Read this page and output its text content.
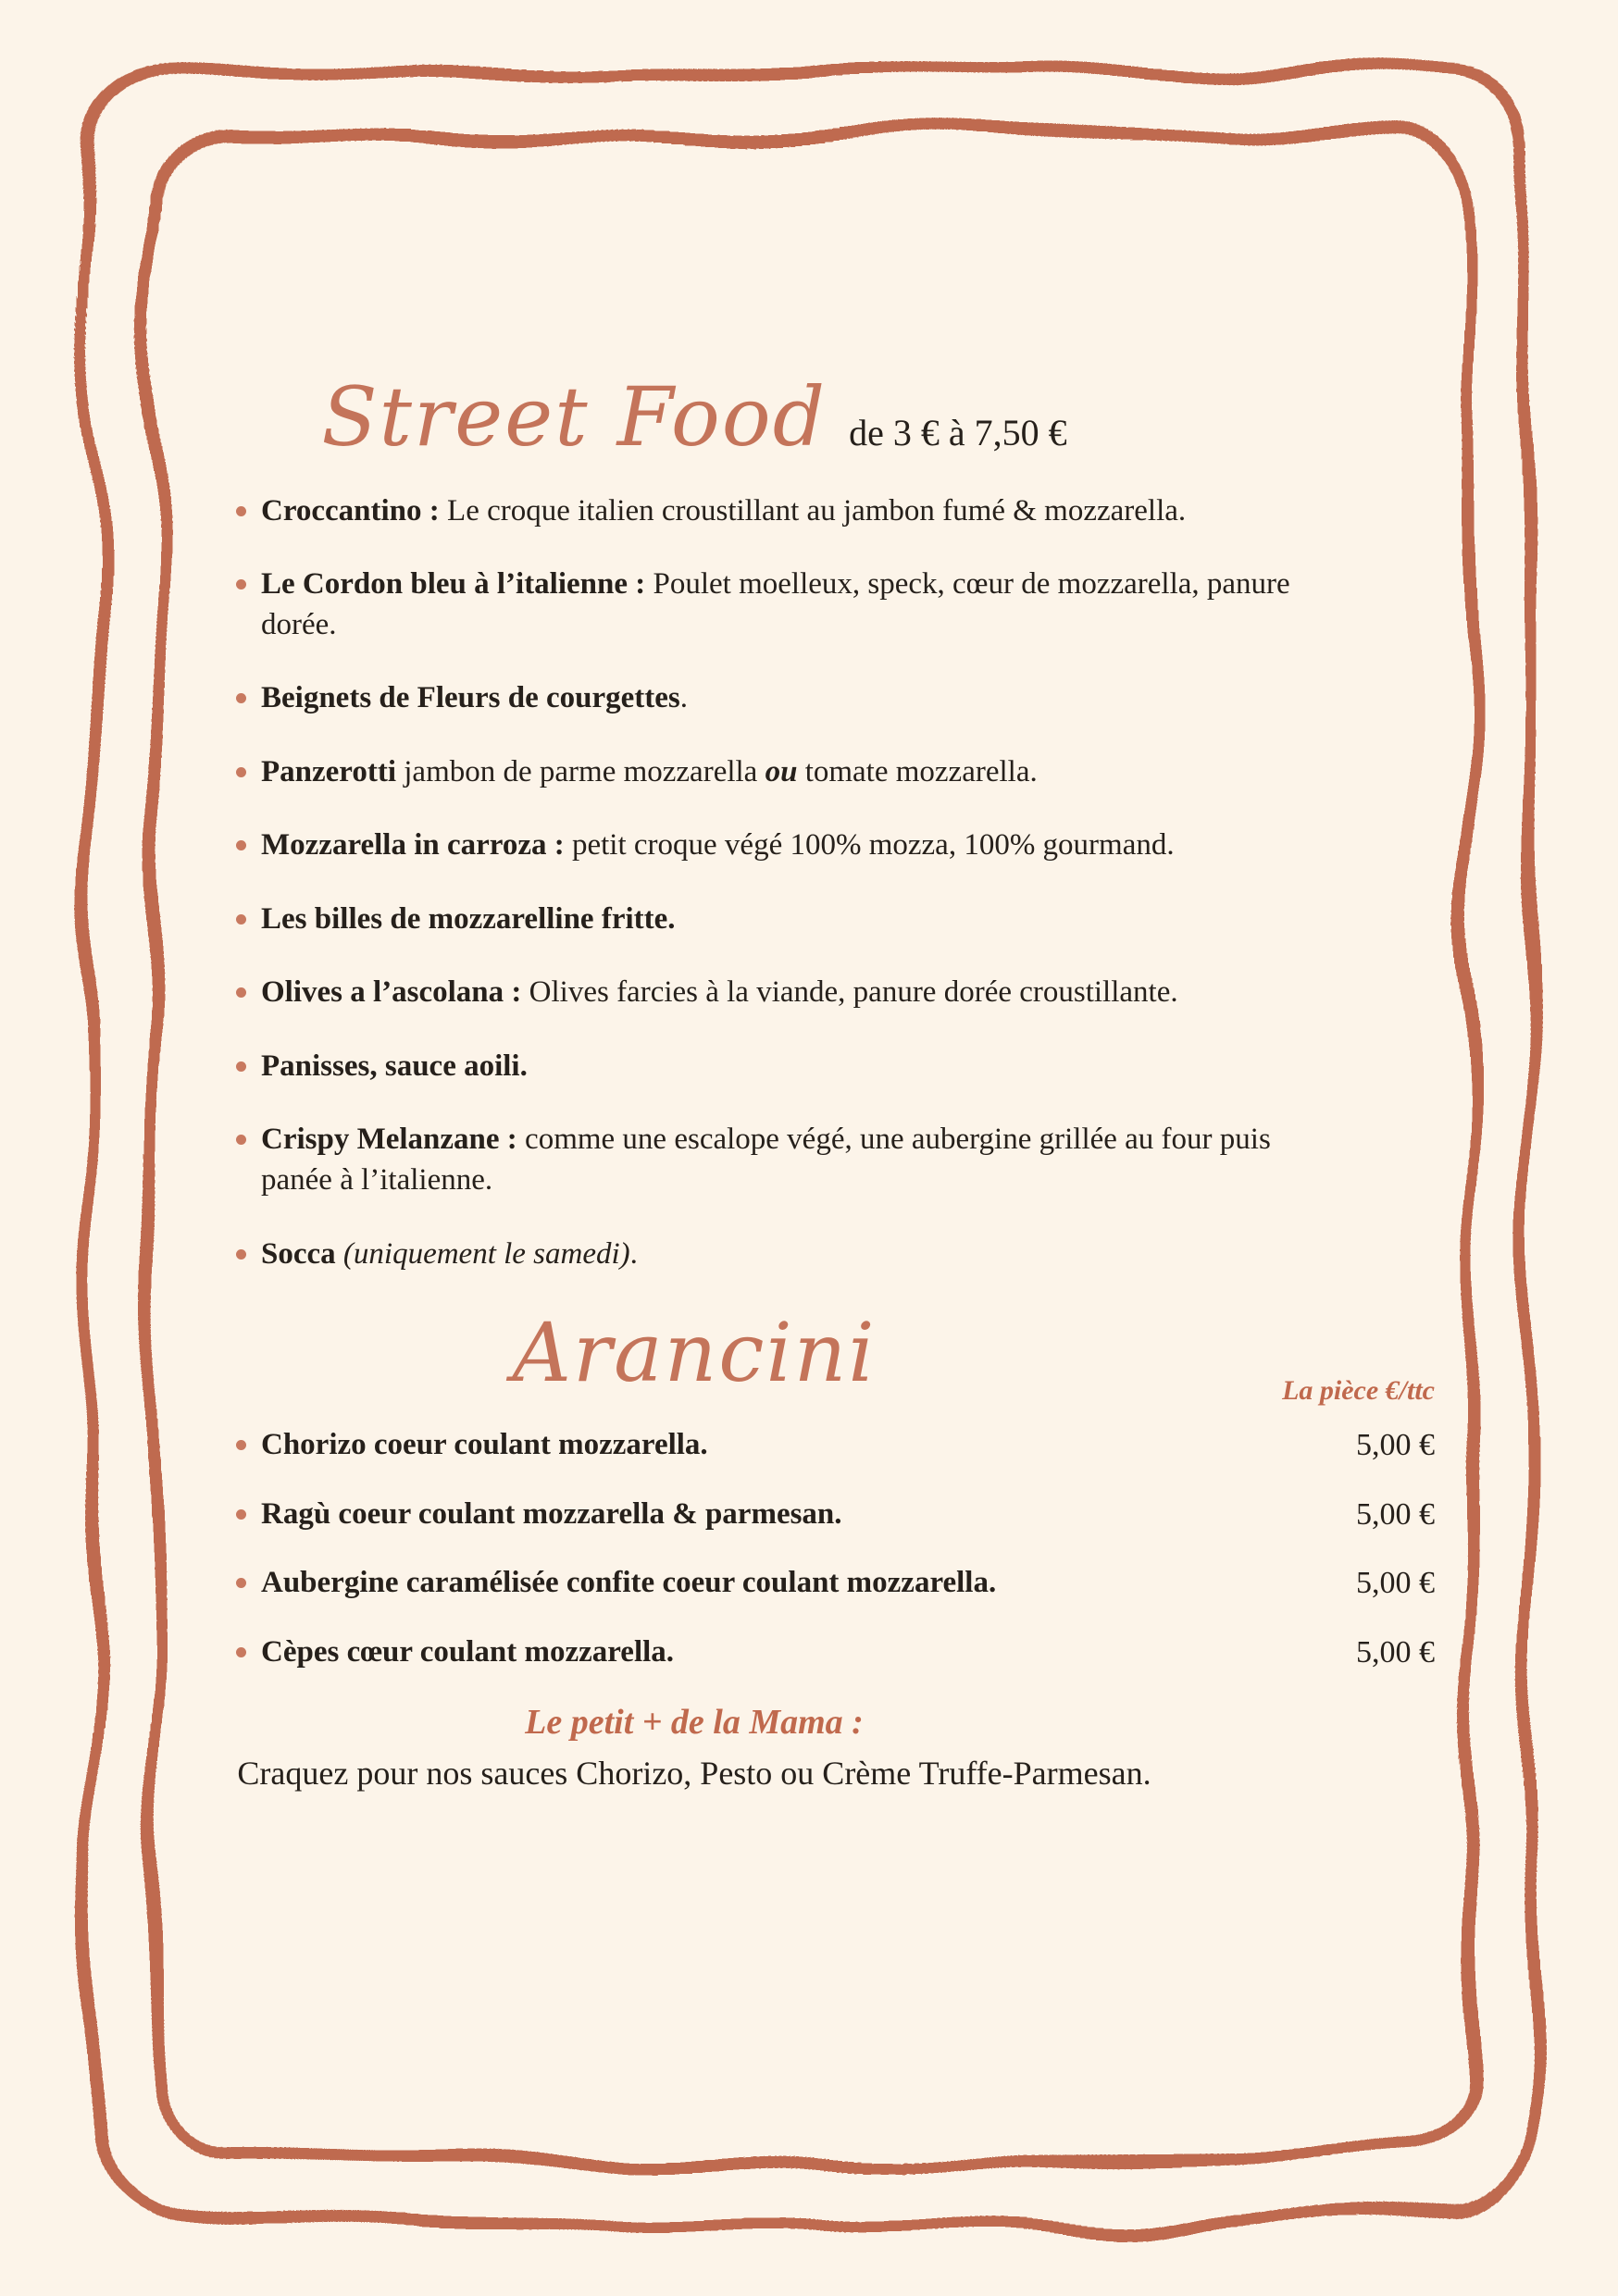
Street Food de 3 € à 7,50 €

Croccantino : Le croque italien croustillant au jambon fumé & mozzarella.

Le Cordon bleu à l’italienne : Poulet moelleux, speck, cœur de mozzarella, panure dorée.

Beignets de Fleurs de courgettes.

Panzerotti jambon de parme mozzarella ou tomate mozzarella.

Mozzarella in carroza : petit croque végé 100% mozza, 100% gourmand.

Les billes de mozzarelline fritte.

Olives a l’ascolana : Olives farcies à la viande, panure dorée croustillante.

Panisses, sauce aoili.

Crispy Melanzane : comme une escalope végé, une aubergine grillée au four puis panée à l’italienne.

Socca (uniquement le samedi).

Arancini	La pièce €/ttc

Chorizo coeur coulant mozzarella.	5,00 €

Ragù coeur coulant mozzarella & parmesan.	5,00 €

Aubergine caramélisée confite coeur coulant mozzarella.	5,00 €

Cèpes cœur coulant mozzarella.	5,00 €

Le petit + de la Mama :

Craquez pour nos sauces Chorizo, Pesto ou Crème Truffe-Parmesan.
